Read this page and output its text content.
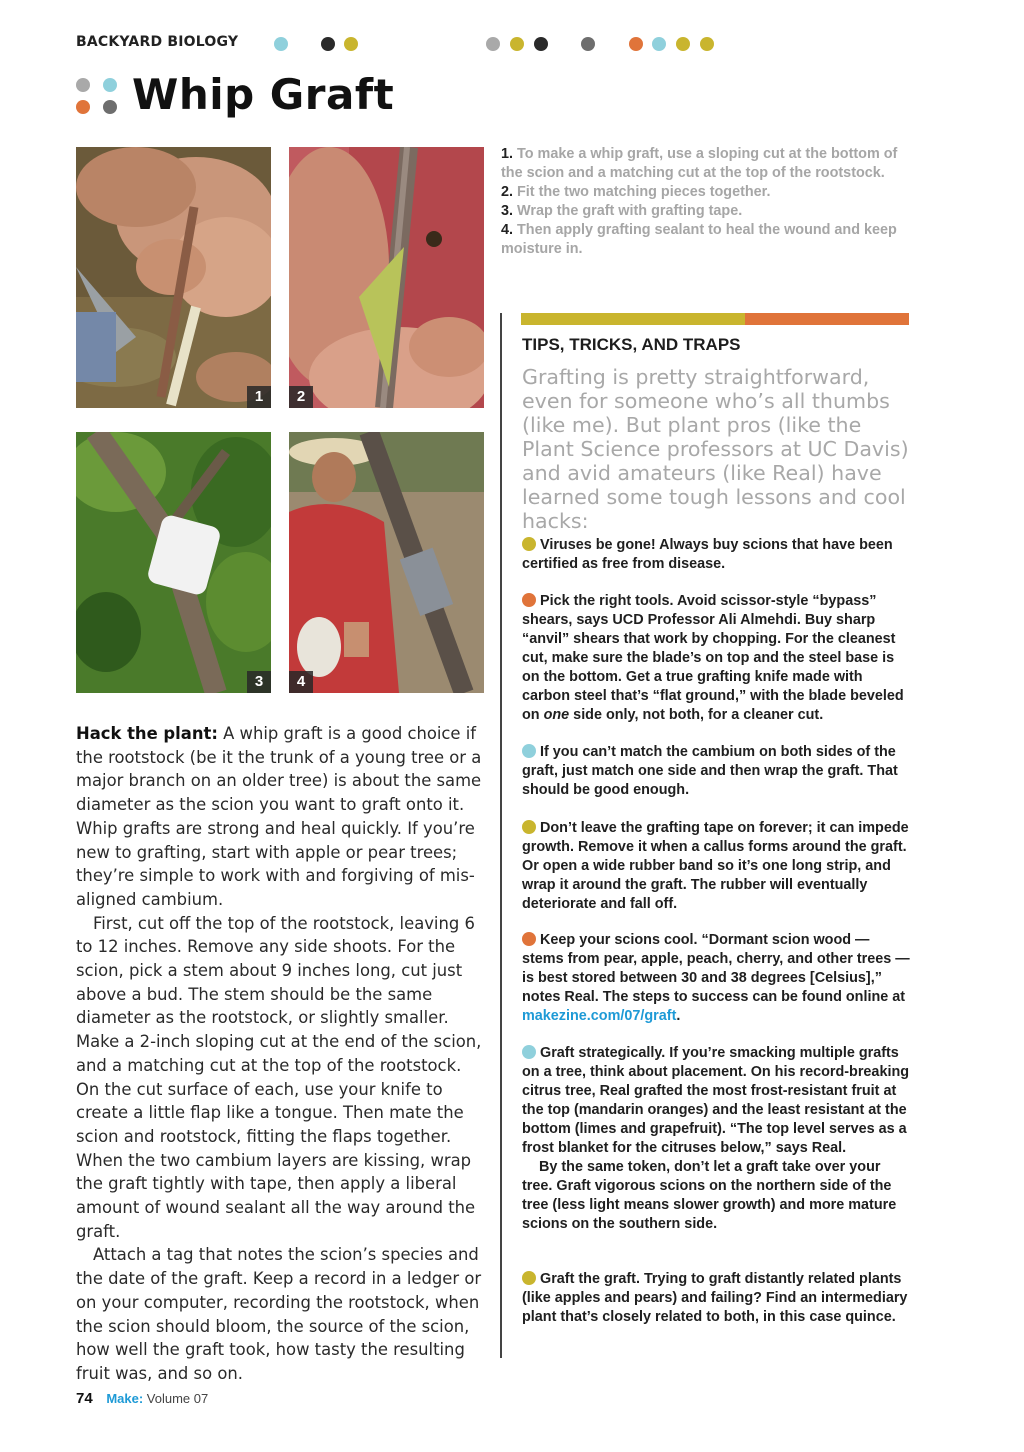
BACKYARD BIOLOGY
Whip Graft
1	2
3	4

1. To make a whip graft, use a sloping cut at the bottom of the scion and a matching cut at the top of the rootstock.

2. Fit the two matching pieces together.

3. Wrap the graft with grafting tape.

4. Then apply grafting sealant to heal the wound and keep moisture in.

TIPS, TRICKS, AND TRAPS
Grafting is pretty straightforward, even for someone who’s all thumbs (like me). But plant pros (like the Plant Science professors at UC Davis) and avid amateurs (like Real) have learned some tough lessons and cool hacks:
Viruses be gone! Always buy scions that have been certified as free from disease.
Pick the right tools. Avoid scissor-style “bypass” shears, says UCD Professor Ali Almehdi. Buy sharp “anvil” shears that work by chopping. For the cleanest cut, make sure the blade’s on top and the steel base is on the bottom. Get a true grafting knife made with carbon steel that’s “flat ground,” with the blade beveled on one side only, not both, for a cleaner cut.
If you can’t match the cambium on both sides of the graft, just match one side and then wrap the graft. That should be good enough.
Don’t leave the grafting tape on forever; it can impede growth. Remove it when a callus forms around the graft. Or open a wide rubber band so it’s one long strip, and wrap it around the graft. The rubber will eventually deteriorate and fall off.
Keep your scions cool. “Dormant scion wood — stems from pear, apple, peach, cherry, and other trees — is best stored between 30 and 38 degrees [Celsius],” notes Real. The steps to success can be found online at makezine.com/07/graft.
Graft strategically. If you’re smacking multiple grafts on a tree, think about placement. On his record-breaking citrus tree, Real grafted the most frost-resistant fruit at the top (mandarin oranges) and the least resistant at the bottom (limes and grapefruit). “The top level serves as a frost blanket for the citruses below,” says Real.
By the same token, don’t let a graft take over your tree. Graft vigorous scions on the northern side of the tree (less light means slower growth) and more mature scions on the southern side.
Graft the graft. Trying to graft distantly related plants (like apples and pears) and failing? Find an intermediary plant that’s closely related to both, in this case quince.

Hack the plant: A whip graft is a good choice if the rootstock (be it the trunk of a young tree or a major branch on an older tree) is about the same diameter as the scion you want to graft onto it. Whip grafts are strong and heal quickly. If you’re new to grafting, start with apple or pear trees; they’re simple to work with and forgiving of misaligned cambium.

First, cut off the top of the rootstock, leaving 6 to 12 inches. Remove any side shoots. For the scion, pick a stem about 9 inches long, cut just above a bud. The stem should be the same diameter as the rootstock, or slightly smaller. Make a 2-inch sloping cut at the end of the scion, and a matching cut at the top of the rootstock. On the cut surface of each, use your knife to create a little flap like a tongue. Then mate the scion and rootstock, fitting the flaps together. When the two cambium layers are kissing, wrap the graft tightly with tape, then apply a liberal amount of wound sealant all the way around the graft.

Attach a tag that notes the scion’s species and the date of the graft. Keep a record in a ledger or on your computer, recording the rootstock, when the scion should bloom, the source of the scion, how well the graft took, how tasty the resulting fruit was, and so on.

74 Make: Volume 07
